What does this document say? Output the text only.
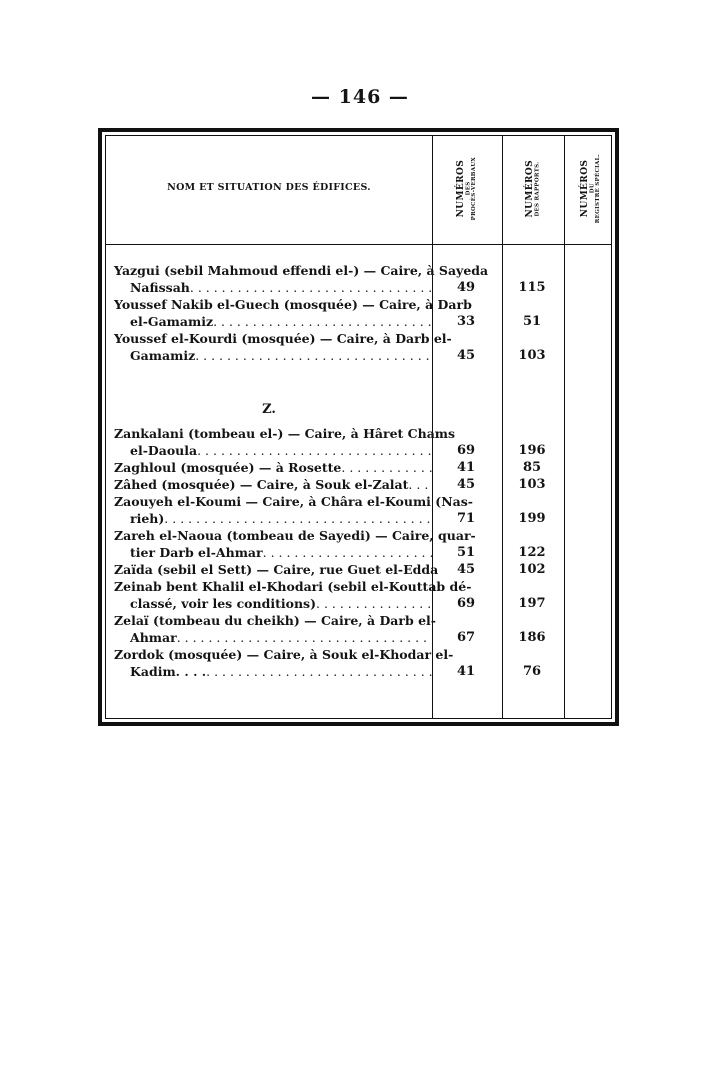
— 146 —
NOM ET SITUATION DES ÉDIFICES.	NUMÉROS DES PROCÈS-VERBAUX	NUMÉROS DES RAPPORTS.	NUMÉROS DU REGISTRE SPÉCIAL.
Z.
Yazgui (sebil Mahmoud effendi el-) — Caire, à Sayeda
Nafissah . . .	49	115
Youssef Nakib el-Guech (mosquée) — Caire, à Darb
el-Gamamiz . . .	33	51
Youssef el-Kourdi (mosquée) — Caire, à Darb el-
Gamamiz . . .	45	103
Zankalani (tombeau el-) — Caire, à Hâret Chams
el-Daoula . . .	69	196
Zaghloul (mosquée) — à Rosette . . .	41	85
Zâhed (mosquée) — Caire, à Souk el-Zalat . . .	45	103
Zaouyeh el-Koumi — Caire, à Châra el-Koumi (Nas-
rieh) . . .	71	199
Zareh el-Naoua (tombeau de Sayedi) — Caire, quar-
tier Darb el-Ahmar . . .	51	122
Zaïda (sebil el Sett) — Caire, rue Guet el-Edda	45	102
Zeinab bent Khalil el-Khodari (sebil el-Kouttab dé-
classé, voir les conditions) . . .	69	197
Zelaï (tombeau du cheikh) — Caire, à Darb el-
Ahmar . . .	67	186
Zordok (mosquée) — Caire, à Souk el-Khodar el-
Kadim. . . . . . .	41	76
